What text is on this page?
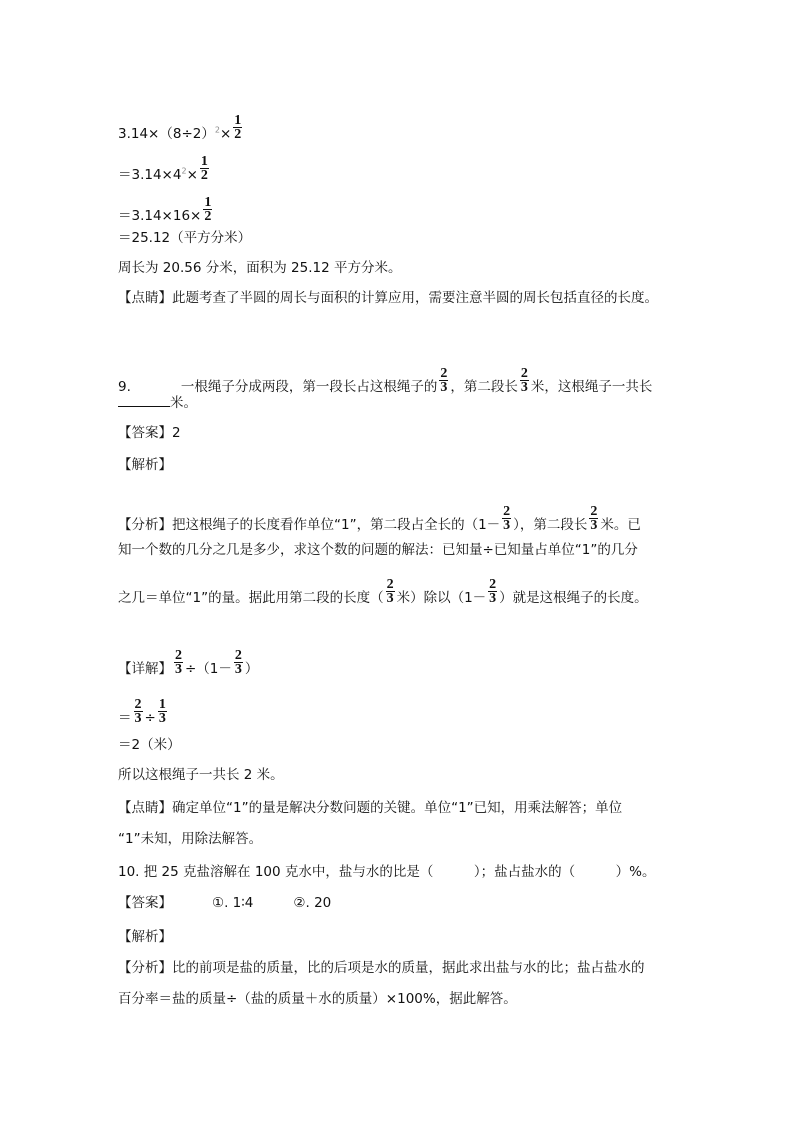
$3.14\times(8\div 2)^2\times \frac{1}{2}$
$=3.14\times 4^2\times \frac{1}{2}$
$=3.14\times 16\times \frac{1}{2}$
＝25.12（平方分米）
周长为 20.56 分米，面积为 25.12 平方分米。
【点睛】此题考查了半圆的周长与面积的计算应用，需要注意半圆的周长包括直径的长度。
9.	一根绳子分成两段，第一段长占这根绳子的 $\frac{2}{3}$ ，第二段长 $\frac{2}{3}$ 米，这根绳子一共长
米。
【答案】2
【解析】
【分析】把这根绳子的长度看作单位“1”，第二段占全长的（$1- \frac{2}{3}$ ），第二段长 $\frac{2}{3}$ 米。已
知一个数的几分之几是多少，求这个数的问题的解法：已知量÷已知量占单位“1”的几分
之几＝单位“1”的量。据此用第二段的长度（ $\frac{2}{3}$ 米）除以（$1- \frac{2}{3}$ ）就是这根绳子的长度。
【详解】 $\frac{2}{3} \div(1- \frac{2}{3}$ ）
＝ $\frac{2}{3} \div \frac{1}{3}$
＝2（米）
所以这根绳子一共长 2 米。
【点睛】确定单位“1”的量是解决分数问题的关键。单位“1”已知，用乘法解答；单位
“1”未知，用除法解答。
10. 把 25 克盐溶解在 100 克水中，盐与水的比是（　　　）；盐占盐水的（　　　）%。
【答案】	①. 1∶4	②. 20
【解析】
【分析】比的前项是盐的质量，比的后项是水的质量，据此求出盐与水的比；盐占盐水的
百分率＝盐的质量÷（盐的质量＋水的质量）×100%，据此解答。
